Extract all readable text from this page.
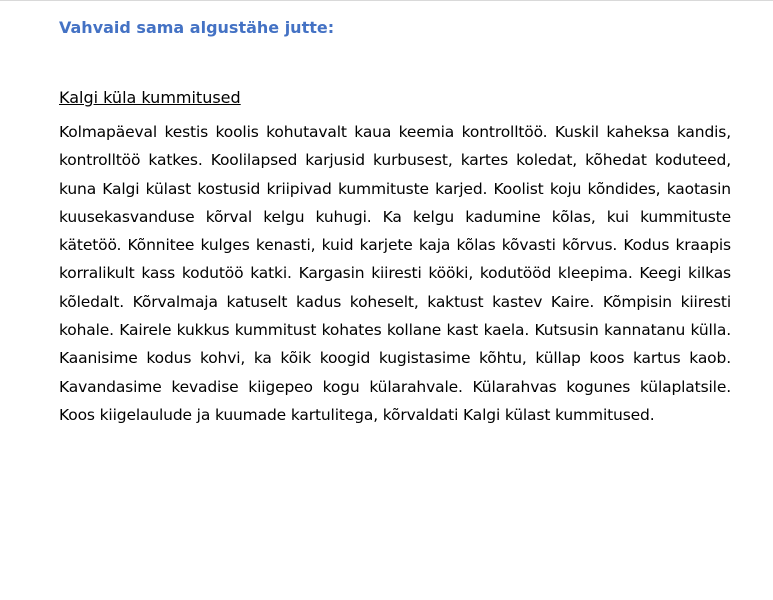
Vahvaid sama algustähe jutte:
Kalgi küla kummitused

Kolmapäeval kestis koolis kohutavalt kaua keemia kontrolltöö. Kuskil kaheksa kandis, kontrolltöö katkes. Koolilapsed karjusid kurbusest, kartes koledat, kõhedat koduteed, kuna Kalgi külast kostusid kriipivad kummituste karjed. Koolist koju kõndides, kaotasin kuusekasvanduse kõrval kelgu kuhugi. Ka kelgu kadumine kõlas, kui kummituste kätetöö. Kõnnitee kulges kenasti, kuid karjete kaja kõlas kõvasti kõrvus. Kodus kraapis korralikult kass kodutöö katki. Kargasin kiiresti kööki, kodutööd kleepima. Keegi kilkas kõledalt. Kõrvalmaja katuselt kadus koheselt, kaktust kastev Kaire. Kõmpisin kiiresti kohale. Kairele kukkus kummitust kohates kollane kast kaela. Kutsusin kannatanu külla. Kaanisime kodus kohvi, ka kõik koogid kugistasime kõhtu, küllap koos kartus kaob. Kavandasime kevadise kiigepeo kogu külarahvale. Külarahvas kogunes külaplatsile. Koos kiigelaulude ja kuumade kartulitega, kõrvaldati Kalgi külast kummitused.
